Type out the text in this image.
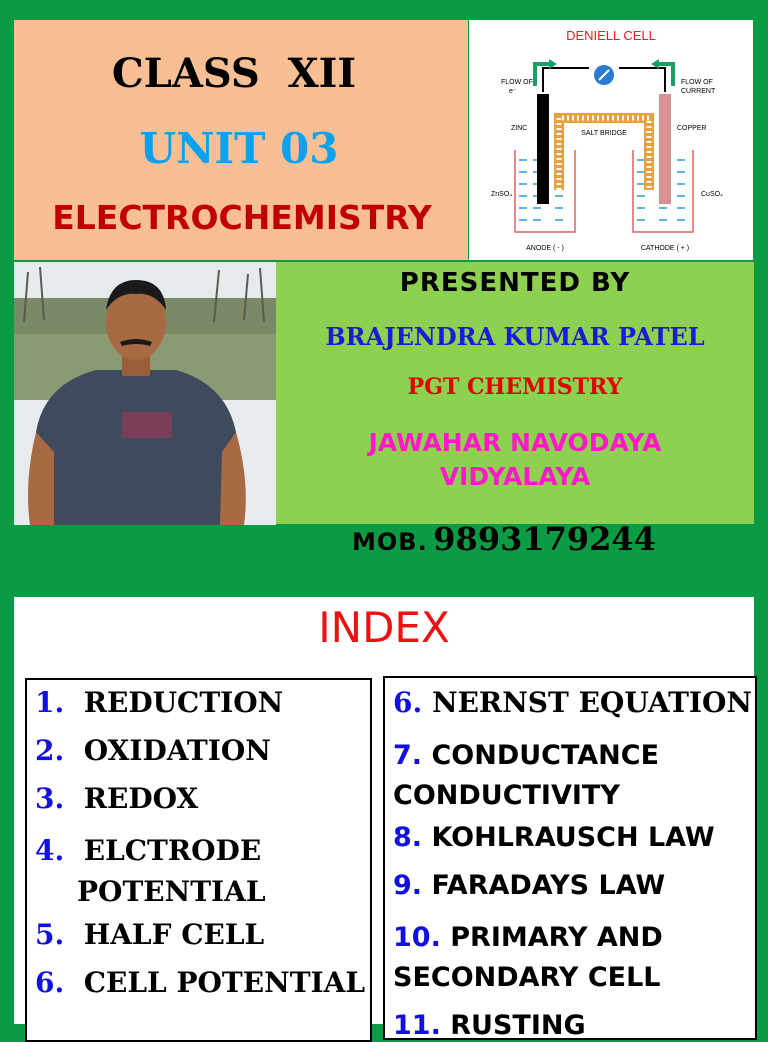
CLASS  XII
UNIT 03
ELECTROCHEMISTRY
DENIELL CELL
FLOW OF
e⁻
FLOW OF
CURRENT
SALT BRIDGE
ZINC	COPPER
ZnSO₄	CuSO₄
ANODE ( - )	CATHODE ( + )
PRESENTED BY
BRAJENDRA KUMAR PATEL
PGT CHEMISTRY
JAWAHAR NAVODAYA
VIDYALAYA
MOB. 9893179244
INDEX
1. REDUCTION
2. OXIDATION
3. REDOX
4. ELCTRODE
POTENTIAL
5. HALF CELL
6. CELL POTENTIAL
6. NERNST EQUATION
7. CONDUCTANCE
CONDUCTIVITY
8. KOHLRAUSCH LAW
9. FARADAYS LAW
10. PRIMARY AND
SECONDARY CELL
11. RUSTING
